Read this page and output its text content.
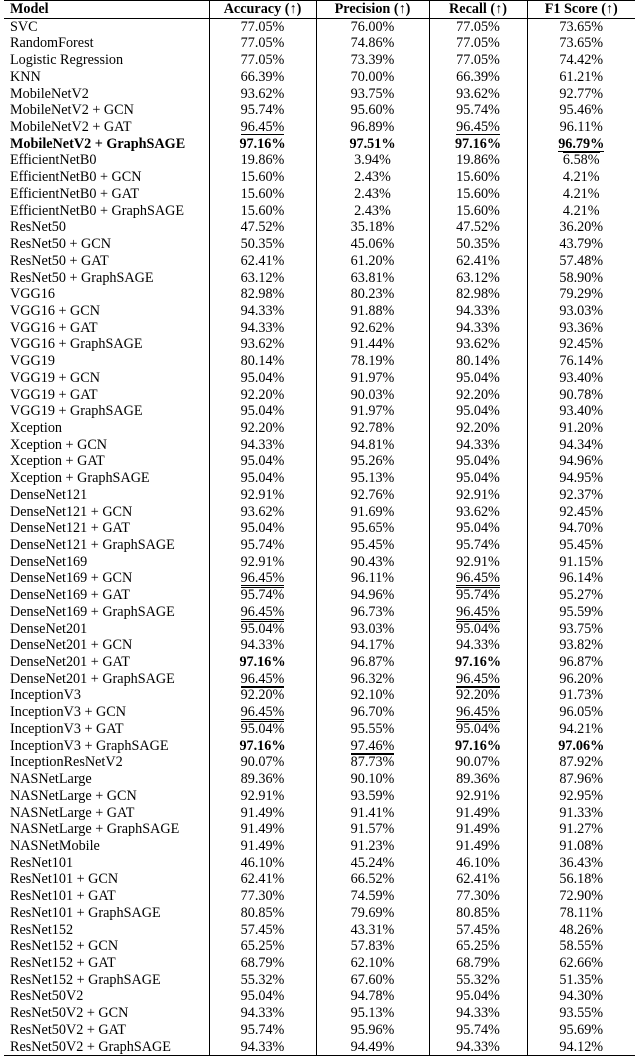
Model	Accuracy (↑)	Precision (↑)	Recall (↑)	F1 Score (↑)
SVC	77.05%	76.00%	77.05%	73.65%
RandomForest	77.05%	74.86%	77.05%	73.65%
Logistic Regression	77.05%	73.39%	77.05%	74.42%
KNN	66.39%	70.00%	66.39%	61.21%
MobileNetV2	93.62%	93.75%	93.62%	92.77%
MobileNetV2 + GCN	95.74%	95.60%	95.74%	95.46%
MobileNetV2 + GAT	96.45%	96.89%	96.45%	96.11%
MobileNetV2 + GraphSAGE	97.16%	97.51%	97.16%	96.79%
EfficientNetB0	19.86%	3.94%	19.86%	6.58%
EfficientNetB0 + GCN	15.60%	2.43%	15.60%	4.21%
EfficientNetB0 + GAT	15.60%	2.43%	15.60%	4.21%
EfficientNetB0 + GraphSAGE	15.60%	2.43%	15.60%	4.21%
ResNet50	47.52%	35.18%	47.52%	36.20%
ResNet50 + GCN	50.35%	45.06%	50.35%	43.79%
ResNet50 + GAT	62.41%	61.20%	62.41%	57.48%
ResNet50 + GraphSAGE	63.12%	63.81%	63.12%	58.90%
VGG16	82.98%	80.23%	82.98%	79.29%
VGG16 + GCN	94.33%	91.88%	94.33%	93.03%
VGG16 + GAT	94.33%	92.62%	94.33%	93.36%
VGG16 + GraphSAGE	93.62%	91.44%	93.62%	92.45%
VGG19	80.14%	78.19%	80.14%	76.14%
VGG19 + GCN	95.04%	91.97%	95.04%	93.40%
VGG19 + GAT	92.20%	90.03%	92.20%	90.78%
VGG19 + GraphSAGE	95.04%	91.97%	95.04%	93.40%
Xception	92.20%	92.78%	92.20%	91.20%
Xception + GCN	94.33%	94.81%	94.33%	94.34%
Xception + GAT	95.04%	95.26%	95.04%	94.96%
Xception + GraphSAGE	95.04%	95.13%	95.04%	94.95%
DenseNet121	92.91%	92.76%	92.91%	92.37%
DenseNet121 + GCN	93.62%	91.69%	93.62%	92.45%
DenseNet121 + GAT	95.04%	95.65%	95.04%	94.70%
DenseNet121 + GraphSAGE	95.74%	95.45%	95.74%	95.45%
DenseNet169	92.91%	90.43%	92.91%	91.15%
DenseNet169 + GCN	96.45%	96.11%	96.45%	96.14%
DenseNet169 + GAT	95.74%	94.96%	95.74%	95.27%
DenseNet169 + GraphSAGE	96.45%	96.73%	96.45%	95.59%
DenseNet201	95.04%	93.03%	95.04%	93.75%
DenseNet201 + GCN	94.33%	94.17%	94.33%	93.82%
DenseNet201 + GAT	97.16%	96.87%	97.16%	96.87%
DenseNet201 + GraphSAGE	96.45%	96.32%	96.45%	96.20%
InceptionV3	92.20%	92.10%	92.20%	91.73%
InceptionV3 + GCN	96.45%	96.70%	96.45%	96.05%
InceptionV3 + GAT	95.04%	95.55%	95.04%	94.21%
InceptionV3 + GraphSAGE	97.16%	97.46%	97.16%	97.06%
InceptionResNetV2	90.07%	87.73%	90.07%	87.92%
NASNetLarge	89.36%	90.10%	89.36%	87.96%
NASNetLarge + GCN	92.91%	93.59%	92.91%	92.95%
NASNetLarge + GAT	91.49%	91.41%	91.49%	91.33%
NASNetLarge + GraphSAGE	91.49%	91.57%	91.49%	91.27%
NASNetMobile	91.49%	91.23%	91.49%	91.08%
ResNet101	46.10%	45.24%	46.10%	36.43%
ResNet101 + GCN	62.41%	66.52%	62.41%	56.18%
ResNet101 + GAT	77.30%	74.59%	77.30%	72.90%
ResNet101 + GraphSAGE	80.85%	79.69%	80.85%	78.11%
ResNet152	57.45%	43.31%	57.45%	48.26%
ResNet152 + GCN	65.25%	57.83%	65.25%	58.55%
ResNet152 + GAT	68.79%	62.10%	68.79%	62.66%
ResNet152 + GraphSAGE	55.32%	67.60%	55.32%	51.35%
ResNet50V2	95.04%	94.78%	95.04%	94.30%
ResNet50V2 + GCN	94.33%	95.13%	94.33%	93.55%
ResNet50V2 + GAT	95.74%	95.96%	95.74%	95.69%
ResNet50V2 + GraphSAGE	94.33%	94.49%	94.33%	94.12%
